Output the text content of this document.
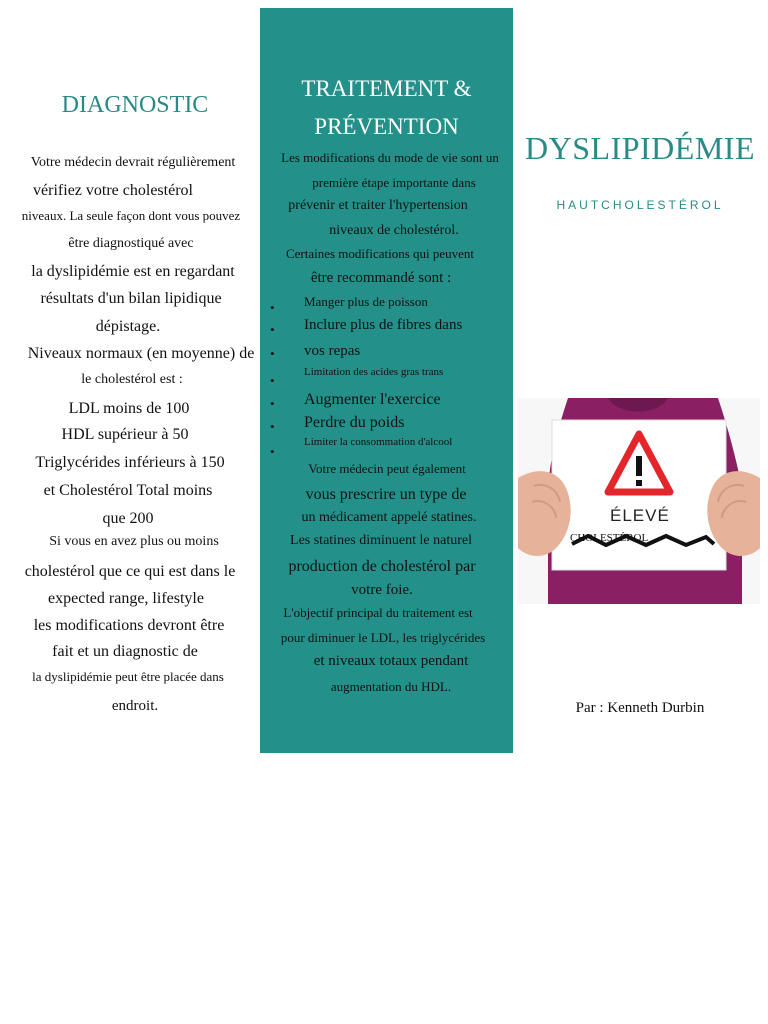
DIAGNOSTIC
Votre médecin devrait régulièrement
vérifiez votre cholestérol
niveaux. La seule façon dont vous pouvez
être diagnostiqué avec
la dyslipidémie est en regardant
résultats d'un bilan lipidique
dépistage.
Niveaux normaux (en moyenne) de
le cholestérol est :
LDL moins de 100
HDL supérieur à 50
Triglycérides inférieurs à 150
et Cholestérol Total moins
que 200
Si vous en avez plus ou moins
cholestérol que ce qui est dans le
expected range, lifestyle
les modifications devront être
fait et un diagnostic de
la dyslipidémie peut être placée dans
endroit.
TRAITEMENT &
PRÉVENTION
Les modifications du mode de vie sont un
première étape importante dans
prévenir et traiter l'hypertension
niveaux de cholestérol.
Certaines modifications qui peuvent
être recommandé sont :
• Manger plus de poisson
• Inclure plus de fibres dans
• vos repas
•
Limitation des acides gras trans
• Augmenter l'exercice
• Perdre du poids
•
Limiter la consommation d'alcool
Votre médecin peut également
vous prescrire un type de
un médicament appelé statines.
Les statines diminuent le naturel
production de cholestérol par
votre foie.
L'objectif principal du traitement est
pour diminuer le LDL, les triglycérides
et niveaux totaux pendant
augmentation du HDL.
DYSLIPIDÉMIE
HAUTCHOLESTÉROL
ÉLEVÉ
CHOLESTÉROL
Par : Kenneth Durbin
